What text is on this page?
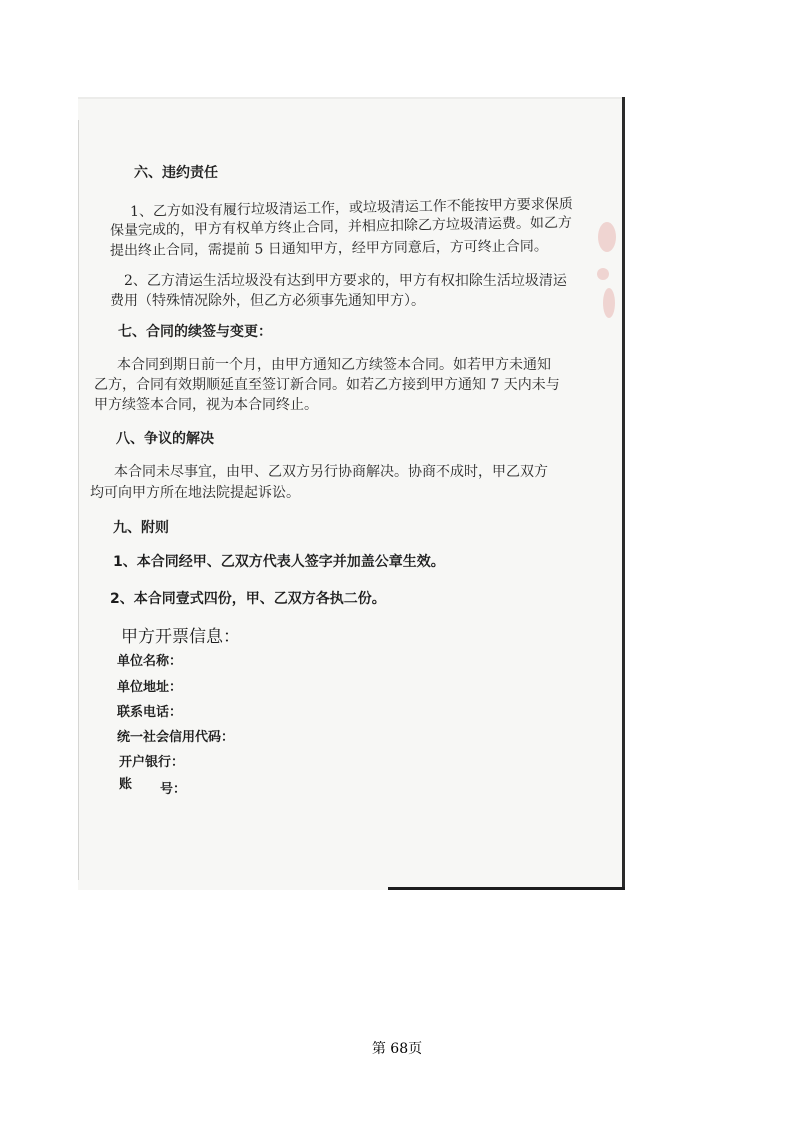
六、违约责任
1、乙方如没有履行垃圾清运工作，或垃圾清运工作不能按甲方要求保质
保量完成的，甲方有权单方终止合同，并相应扣除乙方垃圾清运费。如乙方
提出终止合同，需提前 5 日通知甲方，经甲方同意后，方可终止合同。
2、乙方清运生活垃圾没有达到甲方要求的，甲方有权扣除生活垃圾清运
费用（特殊情况除外，但乙方必须事先通知甲方）。
七、合同的续签与变更：
本合同到期日前一个月，由甲方通知乙方续签本合同。如若甲方未通知
乙方，合同有效期顺延直至签订新合同。如若乙方接到甲方通知 7 天内未与
甲方续签本合同，视为本合同终止。
八、争议的解决
本合同未尽事宜，由甲、乙双方另行协商解决。协商不成时，甲乙双方
均可向甲方所在地法院提起诉讼。
九、附则
1、本合同经甲、乙双方代表人签字并加盖公章生效。
2、本合同壹式四份，甲、乙双方各执二份。
甲方开票信息：
单位名称：
单位地址：
联系电话：
统一社会信用代码：
开户银行：
账 号：
第 68页
